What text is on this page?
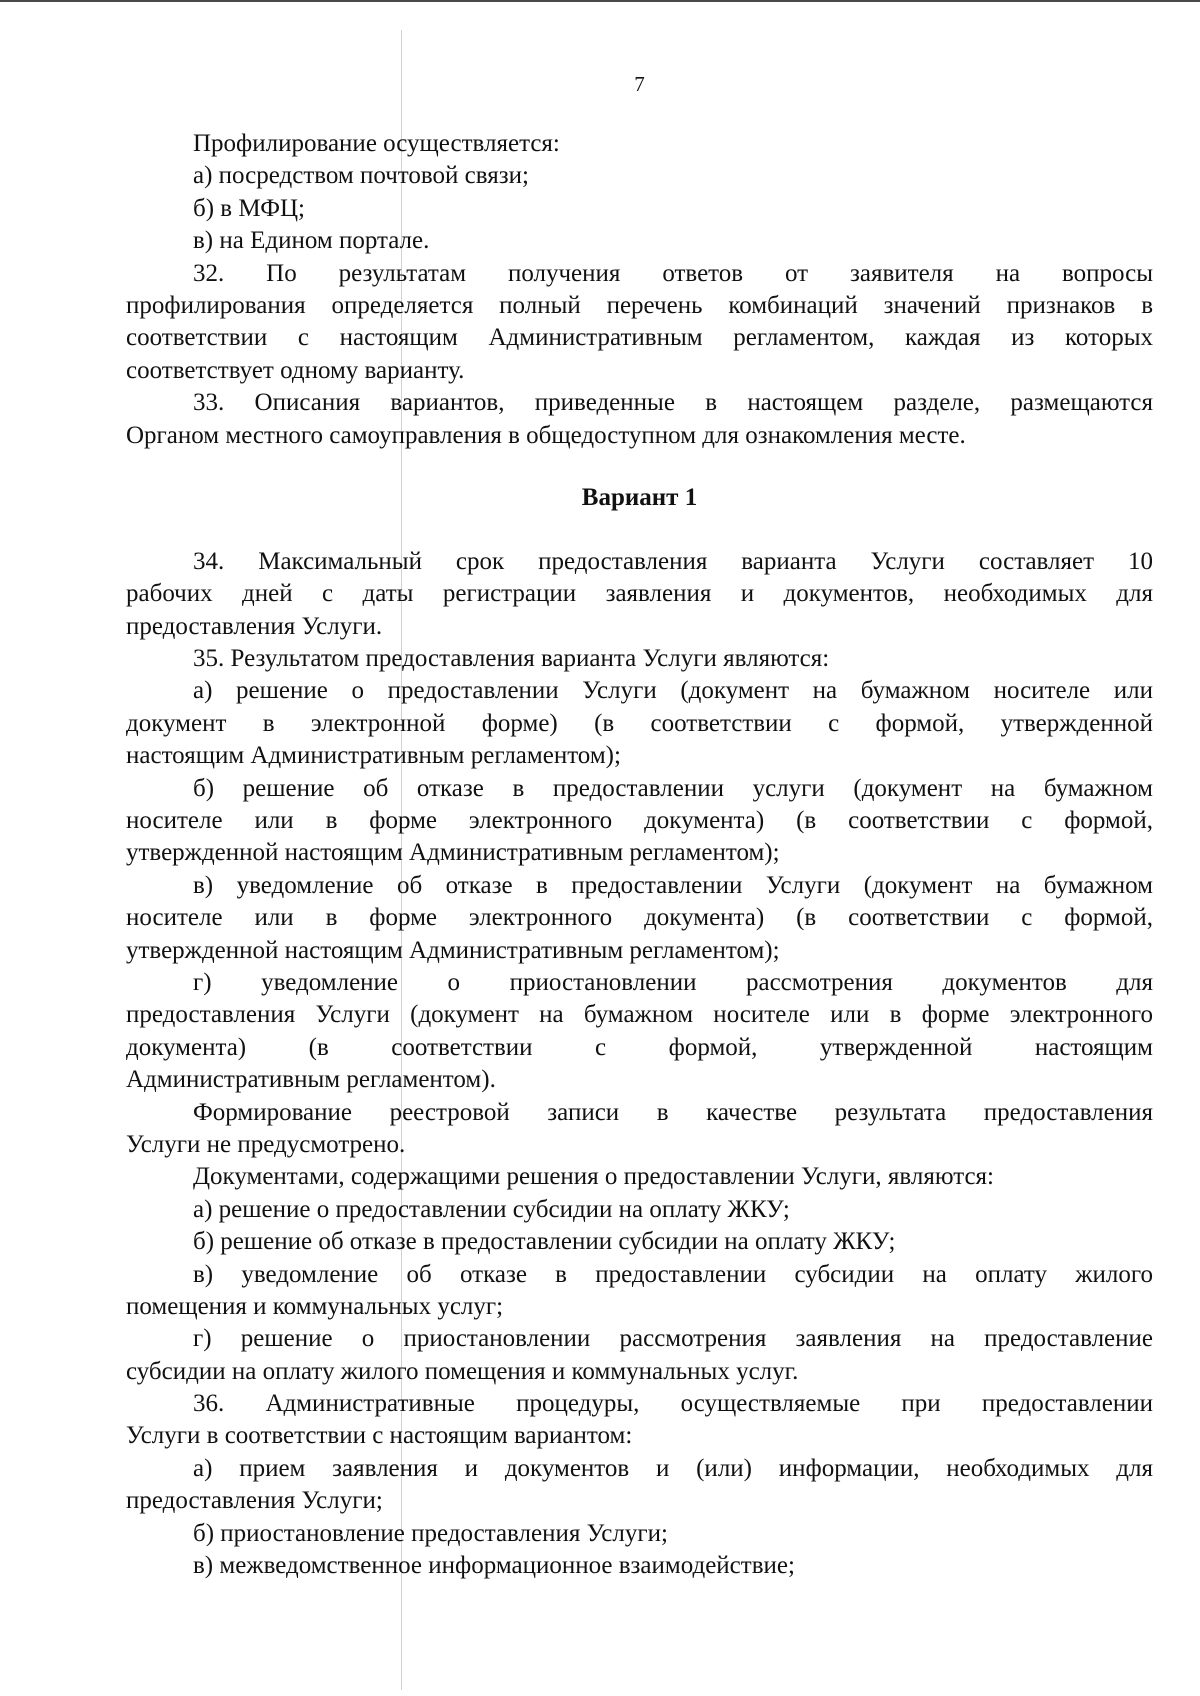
7
Профилирование осуществляется:
а) посредством почтовой связи;
б) в МФЦ;
в) на Едином портале.
32. По результатам получения ответов от заявителя на вопросы
профилирования определяется полный перечень комбинаций значений признаков в
соответствии с настоящим Административным регламентом, каждая из которых
соответствует одному варианту.
33. Описания вариантов, приведенные в настоящем разделе, размещаются
Органом местного самоуправления в общедоступном для ознакомления месте.
Вариант 1
34. Максимальный срок предоставления варианта Услуги составляет 10
рабочих дней с даты регистрации заявления и документов, необходимых для
предоставления Услуги.
35. Результатом предоставления варианта Услуги являются:
а) решение о предоставлении Услуги (документ на бумажном носителе или
документ в электронной форме) (в соответствии с формой, утвержденной
настоящим Административным регламентом);
б) решение об отказе в предоставлении услуги (документ на бумажном
носителе или в форме электронного документа) (в соответствии с формой,
утвержденной настоящим Административным регламентом);
в) уведомление об отказе в предоставлении Услуги (документ на бумажном
носителе или в форме электронного документа) (в соответствии с формой,
утвержденной настоящим Административным регламентом);
г) уведомление о приостановлении рассмотрения документов для
предоставления Услуги (документ на бумажном носителе или в форме электронного
документа) (в соответствии с формой, утвержденной настоящим
Административным регламентом).
Формирование реестровой записи в качестве результата предоставления
Услуги не предусмотрено.
Документами, содержащими решения о предоставлении Услуги, являются:
а) решение о предоставлении субсидии на оплату ЖКУ;
б) решение об отказе в предоставлении субсидии на оплату ЖКУ;
в) уведомление об отказе в предоставлении субсидии на оплату жилого
помещения и коммунальных услуг;
г) решение о приостановлении рассмотрения заявления на предоставление
субсидии на оплату жилого помещения и коммунальных услуг.
36. Административные процедуры, осуществляемые при предоставлении
Услуги в соответствии с настоящим вариантом:
а) прием заявления и документов и (или) информации, необходимых для
предоставления Услуги;
б) приостановление предоставления Услуги;
в) межведомственное информационное взаимодействие;
